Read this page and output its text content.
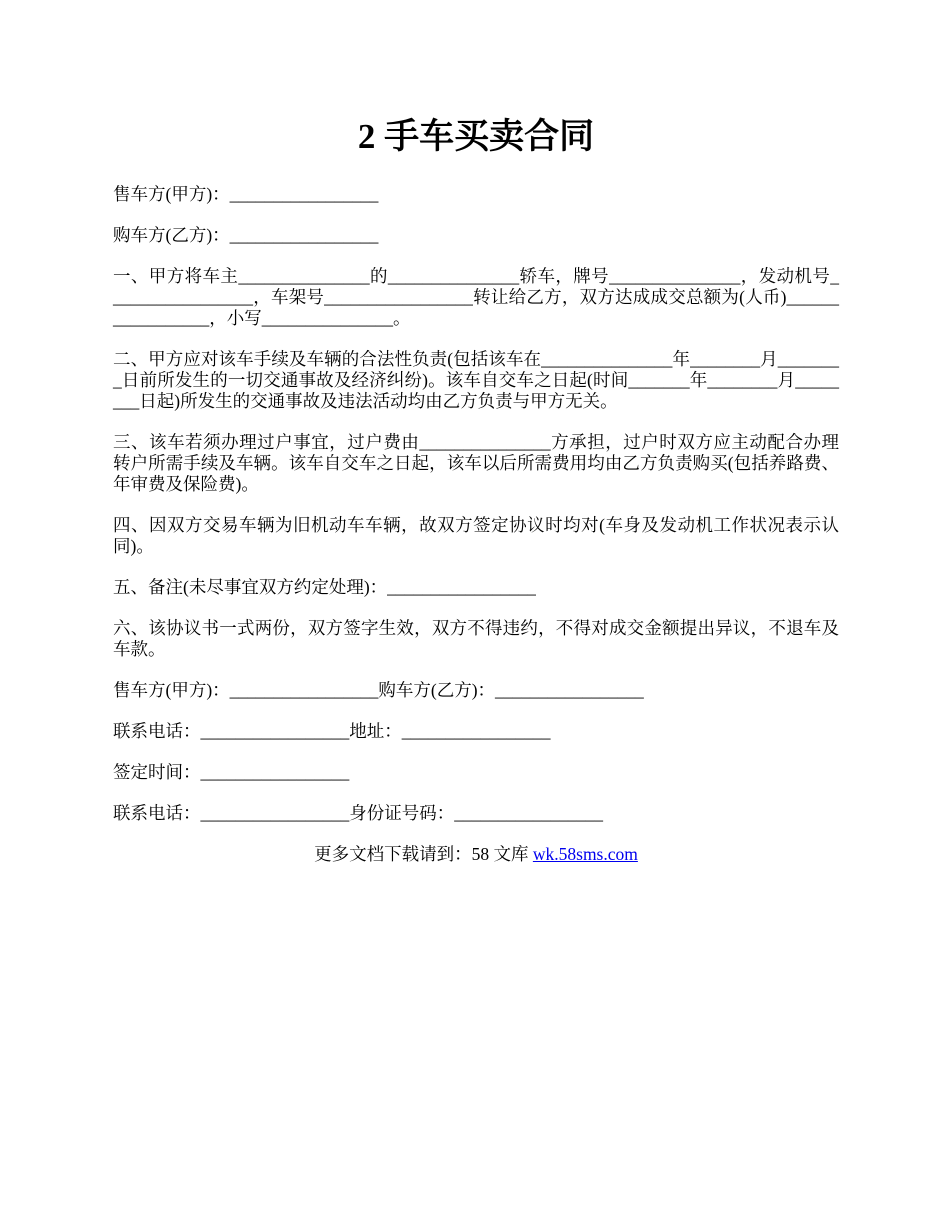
2 手车买卖合同

售车方(甲方)：_________________

购车方(乙方)：_________________

一、甲方将车主_______________的_______________轿车，牌号_______________，发动机号_________________，车架号_________________转让给乙方，双方达成成交总额为(人币)_________________，小写_______________。

二、甲方应对该车手续及车辆的合法性负责(包括该车在_______________年________月________日前所发生的一切交通事故及经济纠纷)。该车自交车之日起(时间_______年________月________日起)所发生的交通事故及违法活动均由乙方负责与甲方无关。

三、该车若须办理过户事宜，过户费由_______________方承担，过户时双方应主动配合办理转户所需手续及车辆。该车自交车之日起，该车以后所需费用均由乙方负责购买(包括养路费、年审费及保险费)。

四、因双方交易车辆为旧机动车车辆，故双方签定协议时均对(车身及发动机工作状况表示认同)。

五、备注(未尽事宜双方约定处理)：_________________

六、该协议书一式两份，双方签字生效，双方不得违约，不得对成交金额提出异议，不退车及车款。

售车方(甲方)：_________________购车方(乙方)：_________________

联系电话：_________________地址：_________________

签定时间：_________________

联系电话：_________________身份证号码：_________________

更多文档下载请到：58 文库 wk.58sms.com
